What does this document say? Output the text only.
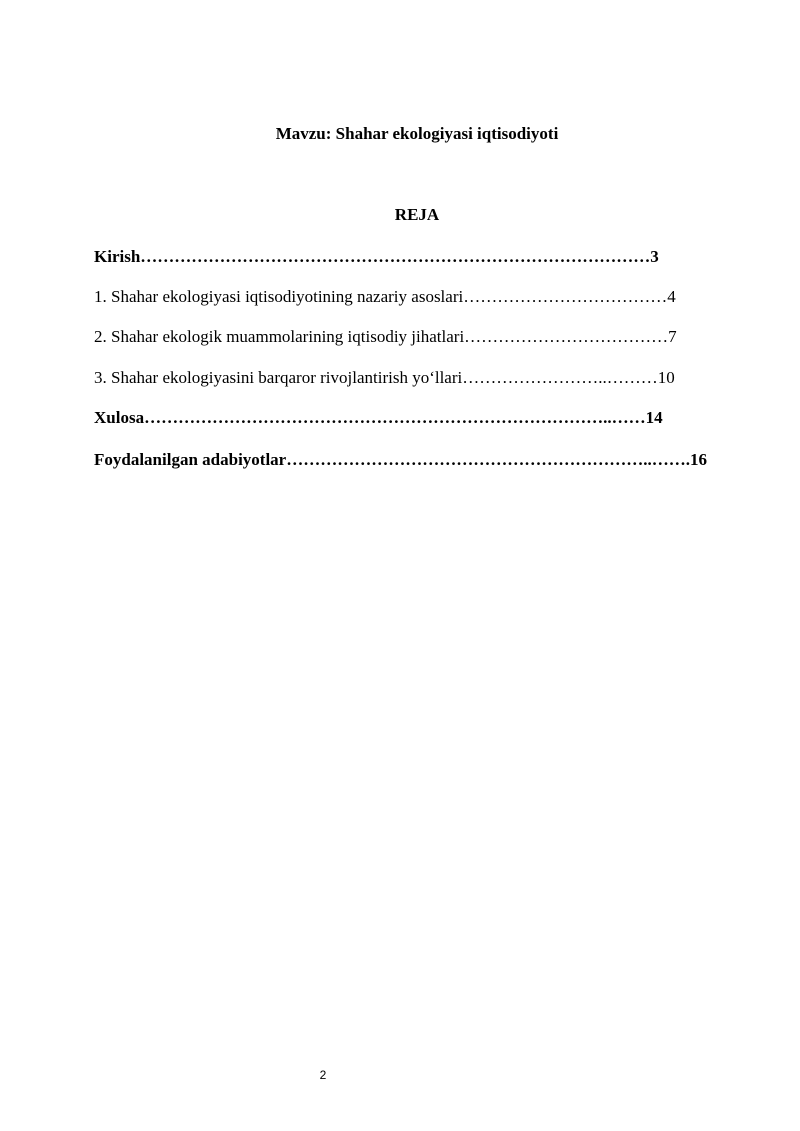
Mavzu: Shahar ekologiyasi iqtisodiyoti
REJA
Kirish………………………………………………………………………………3
1. Shahar ekologiyasi iqtisodiyotining nazariy asoslari………………………………4
2. Shahar ekologik muammolarining iqtisodiy jihatlari………………………………7
3. Shahar ekologiyasini barqaror rivojlantirish yo‘llari……………………..………10
Xulosa………………………………………………………………………..……14
Foydalanilgan adabiyotlar………………………………………………………..…….16
2
